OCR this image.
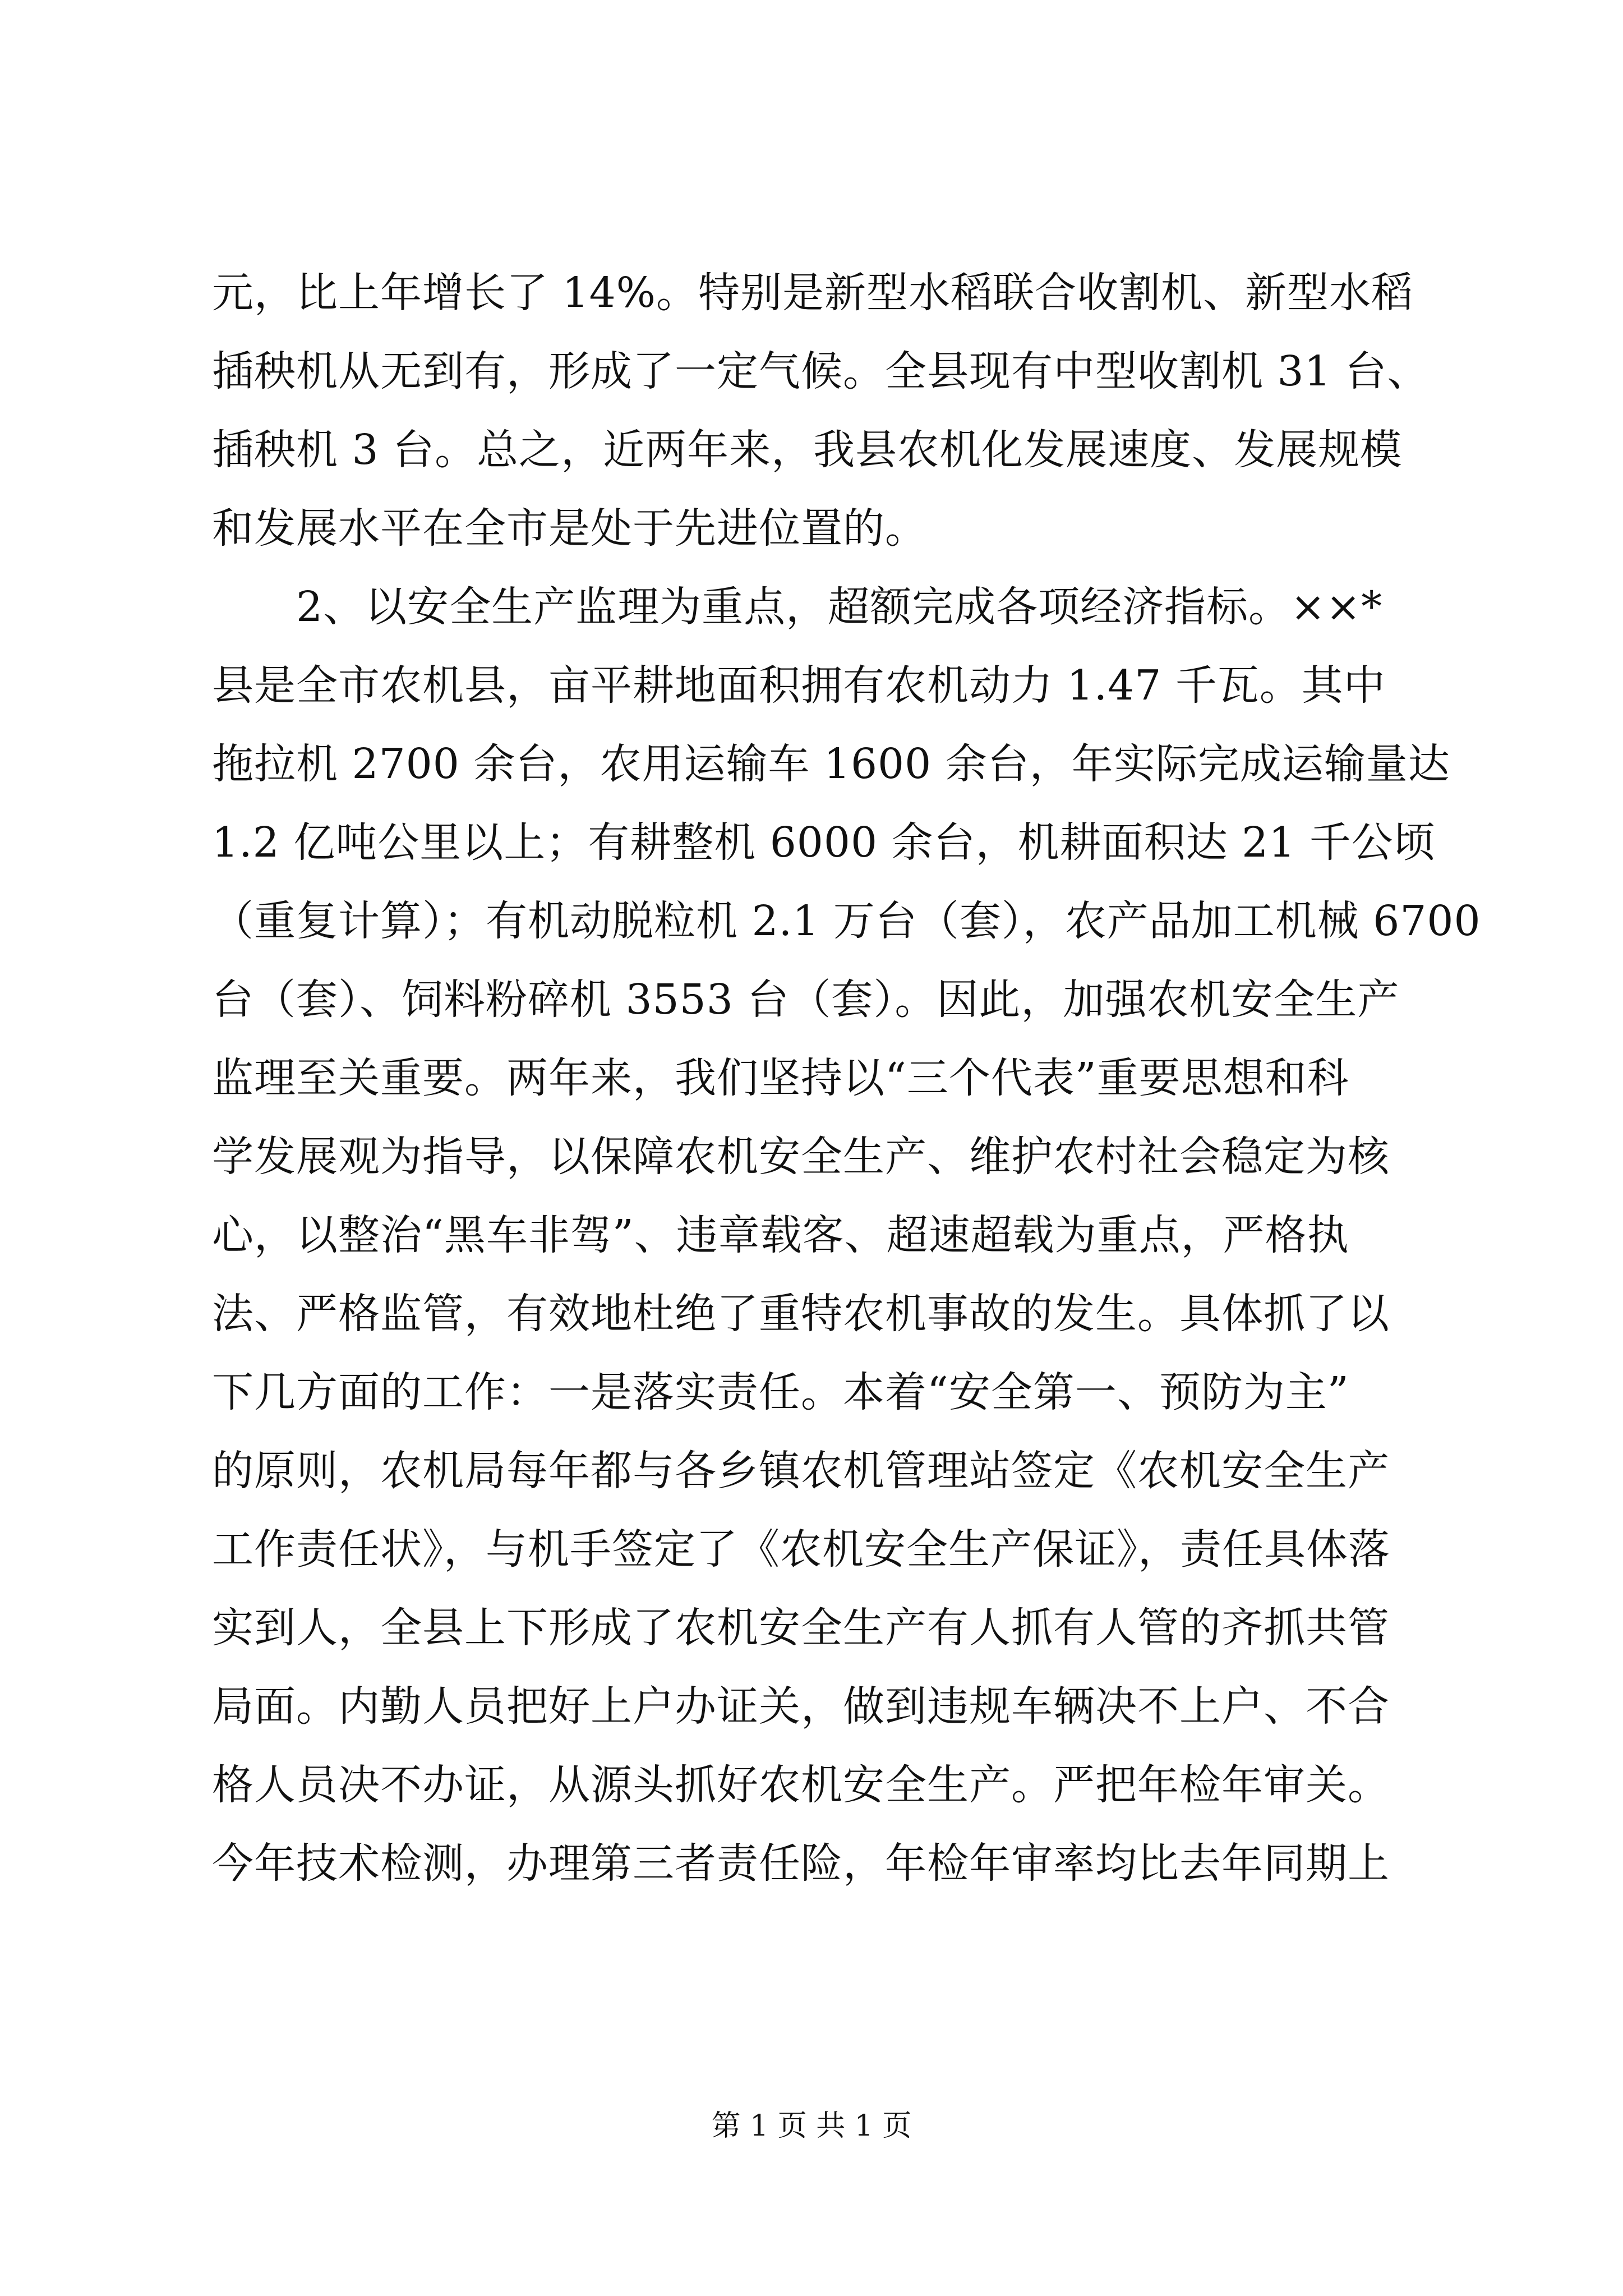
元，比上年增长了 14%。特别是新型水稻联合收割机、新型水稻
插秧机从无到有，形成了一定气候。全县现有中型收割机 31 台、
插秧机 3 台。总之，近两年来，我县农机化发展速度、发展规模
和发展水平在全市是处于先进位置的。
　　2、以安全生产监理为重点，超额完成各项经济指标。××*
县是全市农机县，亩平耕地面积拥有农机动力 1.47 千瓦。其中
拖拉机 2700 余台，农用运输车 1600 余台，年实际完成运输量达
1.2 亿吨公里以上；有耕整机 6000 余台，机耕面积达 21 千公顷
（重复计算）；有机动脱粒机 2.1 万台（套），农产品加工机械 6700
台（套）、饲料粉碎机 3553 台（套）。因此，加强农机安全生产
监理至关重要。两年来，我们坚持以“三个代表”重要思想和科
学发展观为指导，以保障农机安全生产、维护农村社会稳定为核
心，以整治“黑车非驾”、违章载客、超速超载为重点，严格执
法、严格监管，有效地杜绝了重特农机事故的发生。具体抓了以
下几方面的工作：一是落实责任。本着“安全第一、预防为主”
的原则，农机局每年都与各乡镇农机管理站签定《农机安全生产
工作责任状》，与机手签定了《农机安全生产保证》，责任具体落
实到人，全县上下形成了农机安全生产有人抓有人管的齐抓共管
局面。内勤人员把好上户办证关，做到违规车辆决不上户、不合
格人员决不办证，从源头抓好农机安全生产。严把年检年审关。
今年技术检测，办理第三者责任险，年检年审率均比去年同期上
第 1 页 共 1 页
